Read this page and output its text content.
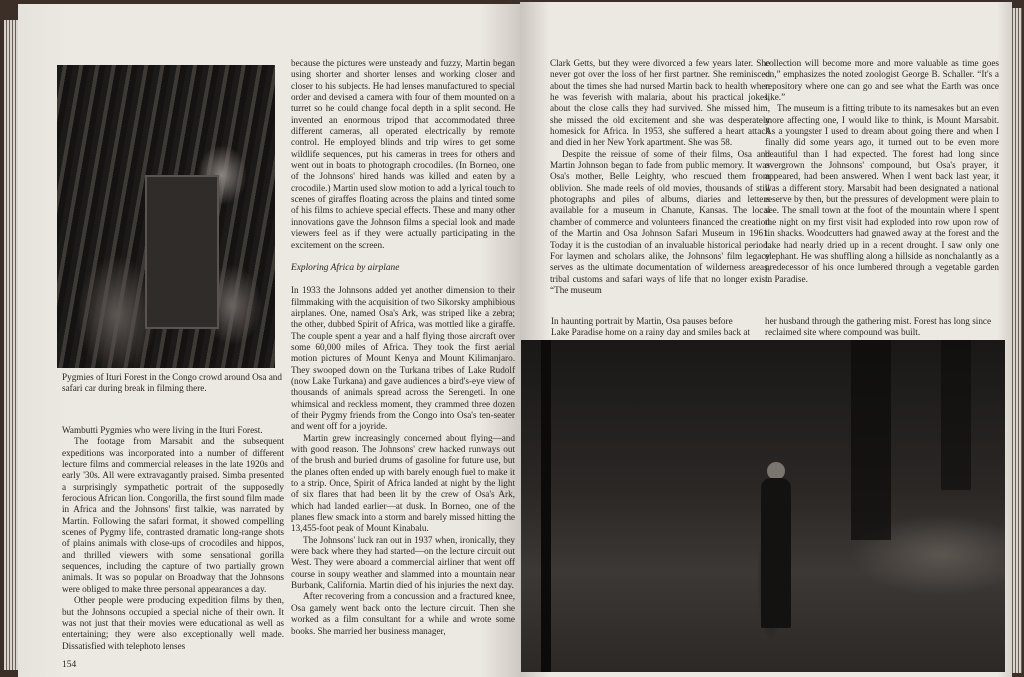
Pygmies of Ituri Forest in the Congo crowd around Osa and safari car during break in filming there.

Wambutti Pygmies who were living in the Ituri Forest.

The footage from Marsabit and the subsequent expeditions was incorporated into a number of different lecture films and commercial releases in the late 1920s and early '30s. All were extravagantly praised. Simba presented a surprisingly sympathetic portrait of the supposedly ferocious African lion. Congorilla, the first sound film made in Africa and the Johnsons' first talkie, was narrated by Martin. Following the safari format, it showed compelling scenes of Pygmy life, contrasted dramatic long-range shots of plains animals with close-ups of crocodiles and hippos, and thrilled viewers with some sensational gorilla sequences, including the capture of two partially grown animals. It was so popular on Broadway that the Johnsons were obliged to make three personal appearances a day.

Other people were producing expedition films by then, but the Johnsons occupied a special niche of their own. It was not just that their movies were educational as well as entertaining; they were also exceptionally well made. Dissatisfied with telephoto lenses

because the pictures were unsteady and fuzzy, Martin began using shorter and shorter lenses and working closer and closer to his subjects. He had lenses manufactured to special order and devised a camera with four of them mounted on a turret so he could change focal depth in a split second. He invented an enormous tripod that accommodated three different cameras, all operated electrically by remote control. He employed blinds and trip wires to get some wildlife sequences, put his cameras in trees for others and went out in boats to photograph crocodiles. (In Borneo, one of the Johnsons' hired hands was killed and eaten by a crocodile.) Martin used slow motion to add a lyrical touch to scenes of giraffes floating across the plains and tinted some of his films to achieve special effects. These and many other innovations gave the Johnson films a special look and made viewers feel as if they were actually participating in the excitement on the screen.

Exploring Africa by airplane

In 1933 the Johnsons added yet another dimension to their filmmaking with the acquisition of two Sikorsky amphibious airplanes. One, named Osa's Ark, was striped like a zebra; the other, dubbed Spirit of Africa, was mottled like a giraffe. The couple spent a year and a half flying those aircraft over some 60,000 miles of Africa. They took the first aerial motion pictures of Mount Kenya and Mount Kilimanjaro. They swooped down on the Turkana tribes of Lake Rudolf (now Lake Turkana) and gave audiences a bird's-eye view of thousands of animals spread across the Serengeti. In one whimsical and reckless moment, they crammed three dozen of their Pygmy friends from the Congo into Osa's ten-seater and went off for a joyride.

Martin grew increasingly concerned about flying—and with good reason. The Johnsons' crew hacked runways out of the brush and buried drums of gasoline for future use, but the planes often ended up with barely enough fuel to make it to a strip. Once, Spirit of Africa landed at night by the light of six flares that had been lit by the crew of Osa's Ark, which had landed earlier—at dusk. In Borneo, one of the planes flew smack into a storm and barely missed hitting the 13,455-foot peak of Mount Kinabalu.

The Johnsons' luck ran out in 1937 when, ironically, they were back where they had started—on the lecture circuit out West. They were aboard a commercial airliner that went off course in soupy weather and slammed into a mountain near Burbank, California. Martin died of his injuries the next day.

After recovering from a concussion and a fractured knee, Osa gamely went back onto the lecture circuit. Then she worked as a film consultant for a while and wrote some books. She married her business manager,

154

Clark Getts, but they were divorced a few years later. She never got over the loss of her first partner. She reminisced about the times she had nursed Martin back to health when he was feverish with malaria, about his practical jokes, about the close calls they had survived. She missed him, she missed the old excitement and she was desperately homesick for Africa. In 1953, she suffered a heart attack and died in her New York apartment. She was 58.

Despite the reissue of some of their films, Osa and Martin Johnson began to fade from public memory. It was Osa's mother, Belle Leighty, who rescued them from oblivion. She made reels of old movies, thousands of still photographs and piles of albums, diaries and letters available for a museum in Chanute, Kansas. The local chamber of commerce and volunteers financed the creation of the Martin and Osa Johnson Safari Museum in 1961. Today it is the custodian of an invaluable historical period. For laymen and scholars alike, the Johnsons' film legacy serves as the ultimate documentation of wilderness areas, tribal customs and safari ways of life that no longer exist. “The museum

collection will become more and more valuable as time goes on,” emphasizes the noted zoologist George B. Schaller. “It's a repository where one can go and see what the Earth was once like.”

The museum is a fitting tribute to its namesakes but an even more affecting one, I would like to think, is Mount Marsabit. As a youngster I used to dream about going there and when I finally did some years ago, it turned out to be even more beautiful than I had expected. The forest had long since overgrown the Johnsons' compound, but Osa's prayer, it appeared, had been answered. When I went back last year, it was a different story. Marsabit had been designated a national reserve by then, but the pressures of development were plain to see. The small town at the foot of the mountain where I spent the night on my first visit had exploded into row upon row of tin shacks. Woodcutters had gnawed away at the forest and the lake had nearly dried up in a recent drought. I saw only one elephant. He was shuffling along a hillside as nonchalantly as a predecessor of his once lumbered through a vegetable garden in Paradise.

In haunting portrait by Martin, Osa pauses before Lake Paradise home on a rainy day and smiles back at
her husband through the gathering mist. Forest has long since reclaimed site where compound was built.
